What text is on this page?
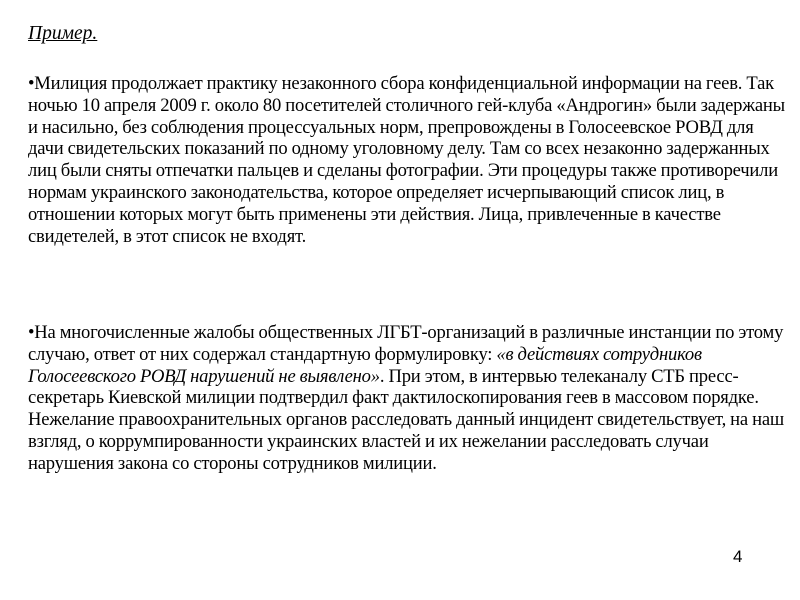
Пример.

•Милиция продолжает практику незаконного сбора конфиденциальной информации на геев. Так ночью 10 апреля 2009 г. около 80 посетителей столичного гей-клуба «Андрогин» были задержаны и насильно, без соблюдения процессуальных норм, препровождены в Голосеевское РОВД для дачи свидетельских показаний по одному уголовному делу. Там со всех незаконно задержанных лиц были сняты отпечатки пальцев и сделаны фотографии. Эти процедуры также противоречили нормам украинского законодательства, которое определяет исчерпывающий список лиц, в отношении которых могут быть применены эти действия. Лица, привлеченные в качестве свидетелей, в этот список не входят.

•На многочисленные жалобы общественных ЛГБТ-организаций в различные инстанции по этому случаю, ответ от них содержал стандартную формулировку: «в действиях сотрудников Голосеевского РОВД нарушений не выявлено». При этом, в интервью телеканалу СТБ пресс-секретарь Киевской милиции подтвердил факт дактилоскопирования геев в массовом порядке. Нежелание правоохранительных органов расследовать данный инцидент свидетельствует, на наш взгляд, о коррумпированности украинских властей и их нежелании расследовать случаи нарушения закона со стороны сотрудников милиции.

4
